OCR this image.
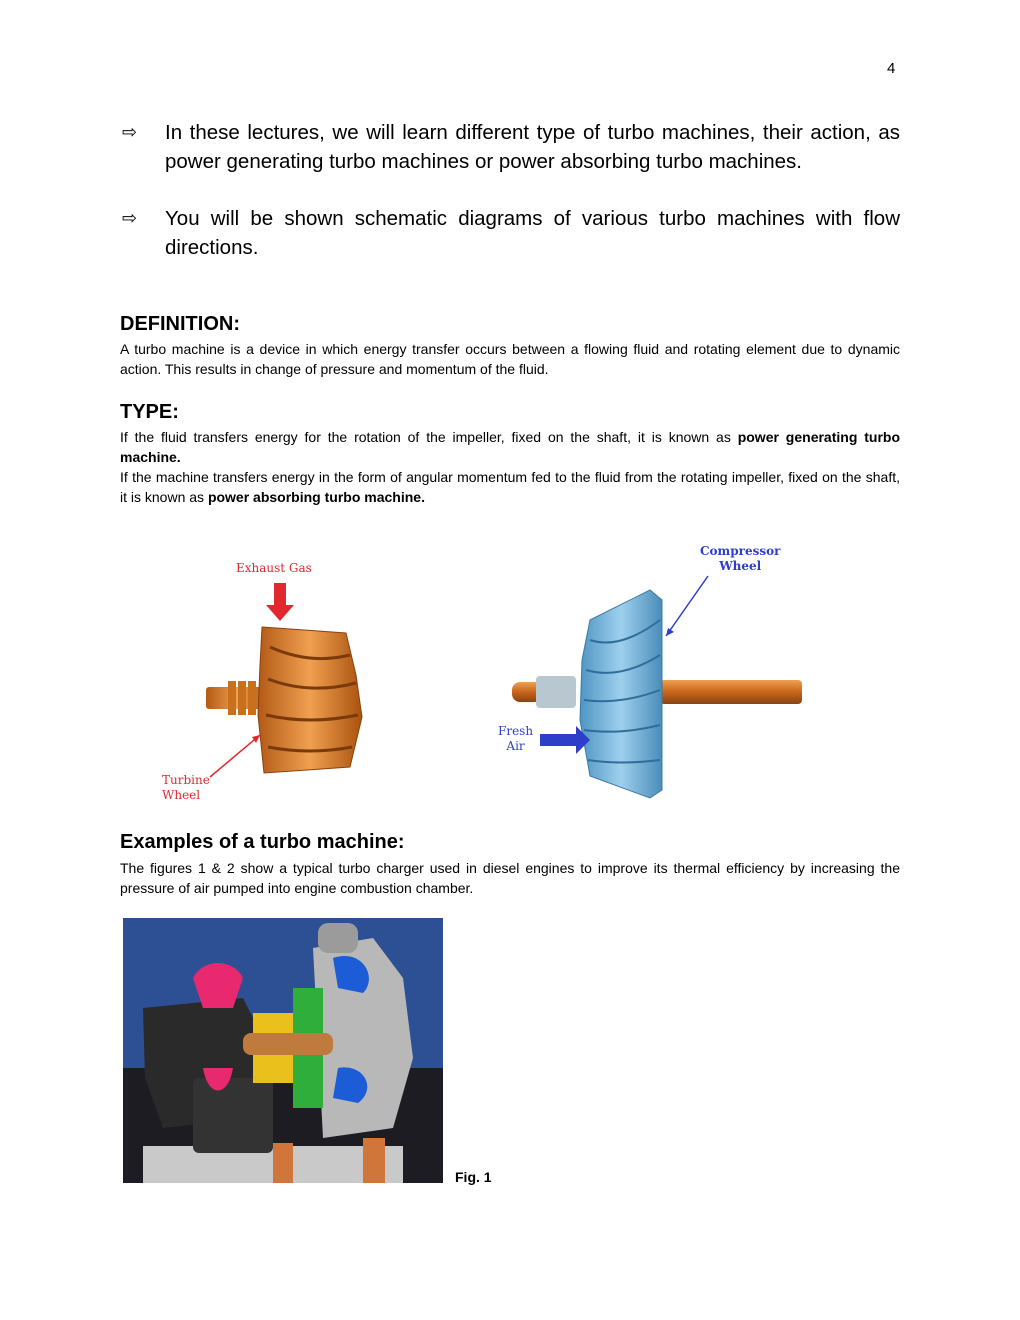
4
⇨ In these lectures, we will learn different type of turbo machines, their action, as power generating turbo machines or power absorbing turbo machines.
⇨ You will be shown schematic diagrams of various turbo machines with flow directions.
DEFINITION:
A turbo machine is a device in which energy transfer occurs between a flowing fluid and rotating element due to dynamic action. This results in change of pressure and momentum of the fluid.
TYPE:

If the fluid transfers energy for the rotation of the impeller, fixed on the shaft, it is known as power generating turbo machine.

If the machine transfers energy in the form of angular momentum fed to the fluid from the rotating impeller, fixed on the shaft, it is known as power absorbing turbo machine.

Exhaust Gas
Turbine
Wheel
Compressor
Wheel
Fresh
Air
Examples of a turbo machine:
The figures 1 & 2 show a typical turbo charger used in diesel engines to improve its thermal efficiency by increasing the pressure of air pumped into engine combustion chamber.
Fig. 1
